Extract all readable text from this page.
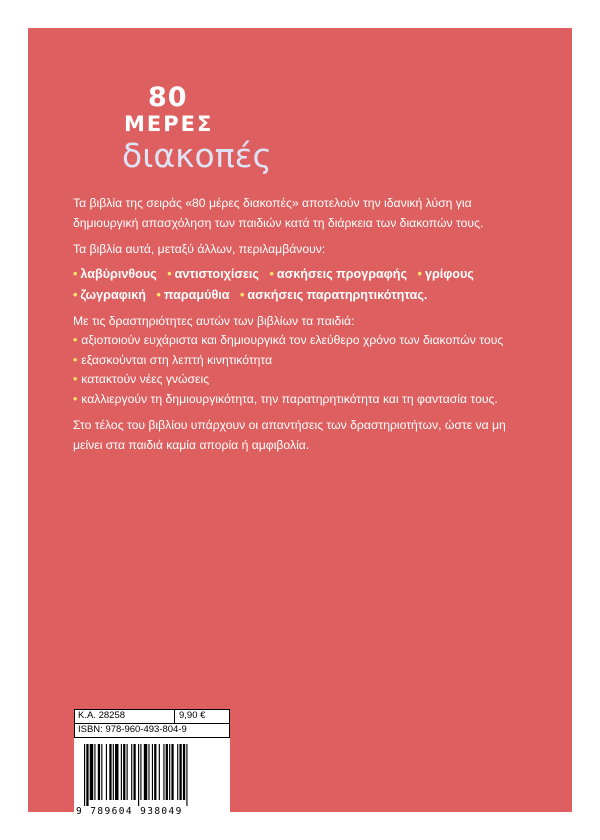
80
ΜΕΡΕΣ
διακοπές

Τα βιβλία της σειράς «80 μέρες διακοπές» αποτελούν την ιδανική λύση για

δημιουργική απασχόληση των παιδιών κατά τη διάρκεια των διακοπών τους.

Τα βιβλία αυτά, μεταξύ άλλων, περιλαμβάνουν:

• λαβύρινθους • αντιστοιχίσεις • ασκήσεις προγραφής • γρίφους
• ζωγραφική • παραμύθια • ασκήσεις παρατηρητικότητας.

Με τις δραστηριότητες αυτών των βιβλίων τα παιδιά:

• αξιοποιούν ευχάριστα και δημιουργικά τον ελεύθερο χρόνο των διακοπών τους
• εξασκούνται στη λεπτή κινητικότητα
• κατακτούν νέες γνώσεις
• καλλιεργούν τη δημιουργικότητα, την παρατηρητικότητα και τη φαντασία τους.

Στο τέλος του βιβλίου υπάρχουν οι απαντήσεις των δραστηριοτήτων, ώστε να μη

μείνει στα παιδιά καμία απορία ή αμφιβολία.

Κ.Α. 28258	9,90 €
ISBN: 978-960-493-804-9
9 789604 938049
